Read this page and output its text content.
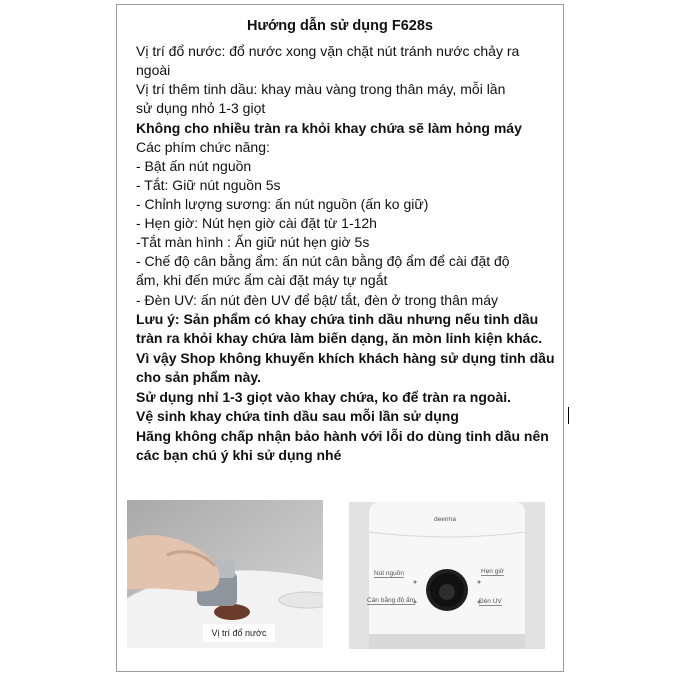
Hướng dẫn sử dụng F628s
Vị trí đổ nước: đổ nước xong vặn chặt nút tránh nước chảy ra
ngoài
Vị trí thêm tinh dầu: khay màu vàng trong thân máy, mỗi lần
sử dụng nhỏ 1-3 giọt
Không cho nhiều tràn ra khỏi khay chứa sẽ làm hỏng máy
Các phím chức năng:
- Bật ấn nút nguồn
- Tắt: Giữ nút nguồn 5s
- Chỉnh lượng sương: ấn nút nguồn (ấn ko giữ)
- Hẹn giờ: Nút hẹn giờ cài đặt từ 1-12h
-Tắt màn hình : Ấn giữ nút hẹn giờ 5s
- Chế độ cân bằng ẩm: ấn nút cân bằng độ ẩm để cài đặt độ
ẩm, khi đến mức ẩm cài đặt máy tự ngắt
- Đèn UV: ấn nút đèn UV để bật/ tắt, đèn ở trong thân máy
Lưu ý: Sản phẩm có khay chứa tinh dầu nhưng nếu tinh dầu
tràn ra khỏi khay chứa làm biến dạng, ăn mòn linh kiện khác.
Vì vậy Shop không khuyến khích khách hàng sử dụng tinh dầu
cho sản phẩm này.
Sử dụng nhỉ 1-3 giọt vào khay chứa, ko để tràn ra ngoài.
Vệ sinh khay chứa tinh dầu sau mỗi lần sử dụng
Hãng không chấp nhận bảo hành với lỗi do dùng tinh dầu nên
các bạn chú ý khi sử dụng nhé
Vị trí đổ nước
deerma
Nút nguồn	Hẹn giờ
Cân bằng độ ẩm	Đèn UV
